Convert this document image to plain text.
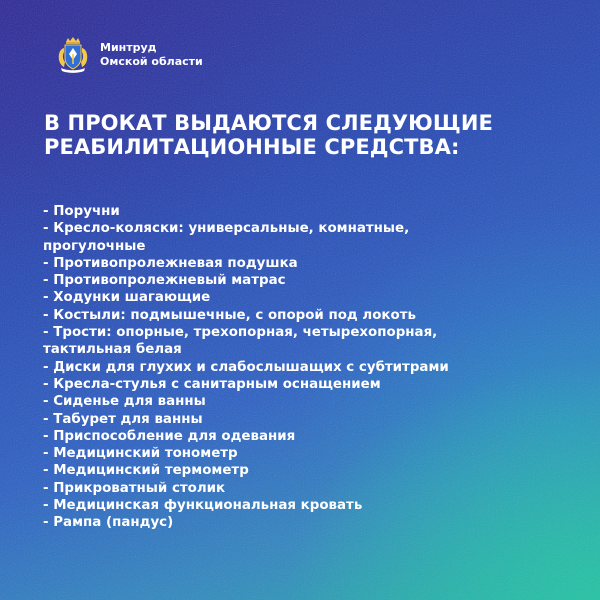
Минтруд
Омской области
В ПРОКАТ ВЫДАЮТСЯ СЛЕДУЮЩИЕ
РЕАБИЛИТАЦИОННЫЕ СРЕДСТВА:
- Поручни
- Кресло-коляски: универсальные, комнатные,
прогулочные
- Противопролежневая подушка
- Противопролежневый матрас
- Ходунки шагающие
- Костыли: подмышечные, с опорой под локоть
- Трости: опорные, трехопорная, четырехопорная,
тактильная белая
- Диски для глухих и слабослышащих с субтитрами
- Кресла-стулья с санитарным оснащением
- Сиденье для ванны
- Табурет для ванны
- Приспособление для одевания
- Медицинский тонометр
- Медицинский термометр
- Прикроватный столик
- Медицинская функциональная кровать
- Рампа (пандус)
